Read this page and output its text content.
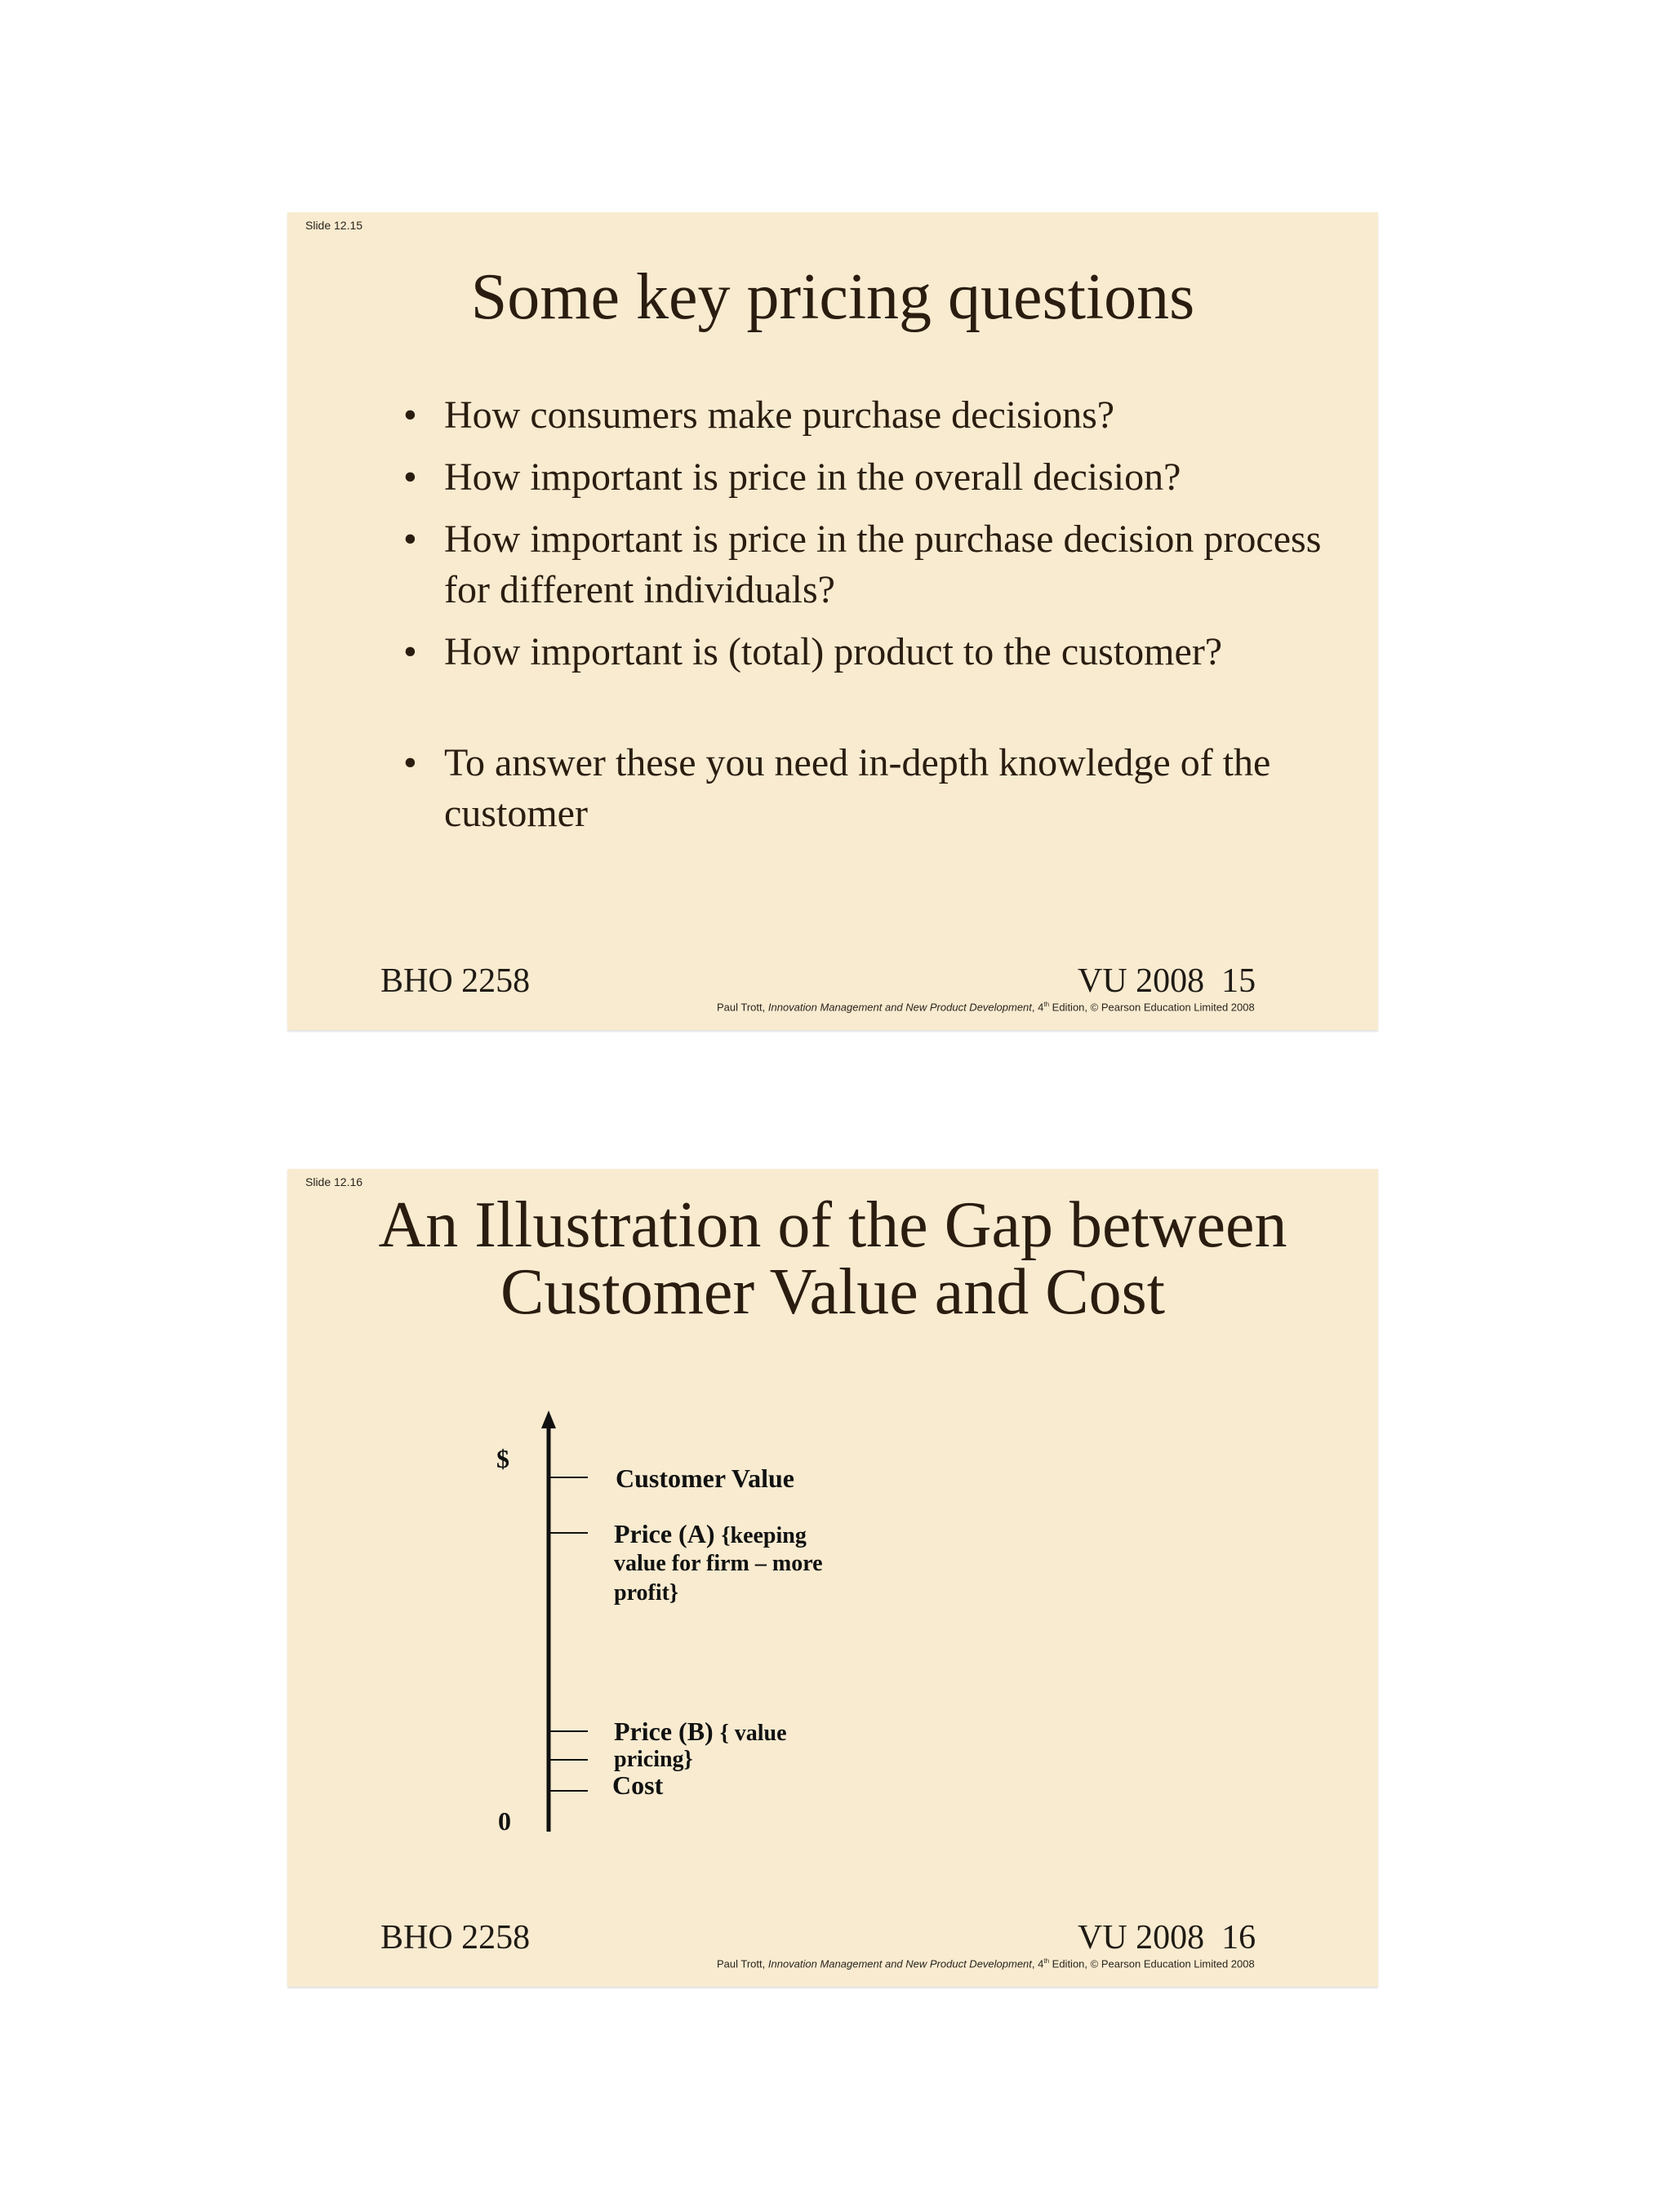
Slide 12.15
Some key pricing questions
• How consumers make purchase decisions?
• How important is price in the overall decision?
• How important is price in the purchase decision process for different individuals?
• How important is (total) product to the customer?
• To answer these you need in-depth knowledge of the customer
BHO 2258	VU 2008  15
Paul Trott, Innovation Management and New Product Development, 4th Edition, © Pearson Education Limited 2008
Slide 12.16
An Illustration of the Gap between
Customer Value and Cost
$
0
Customer Value
Price (A) {keeping
value for firm – more
profit}
Price (B) { value
pricing}
Cost
BHO 2258	VU 2008  16
Paul Trott, Innovation Management and New Product Development, 4th Edition, © Pearson Education Limited 2008
